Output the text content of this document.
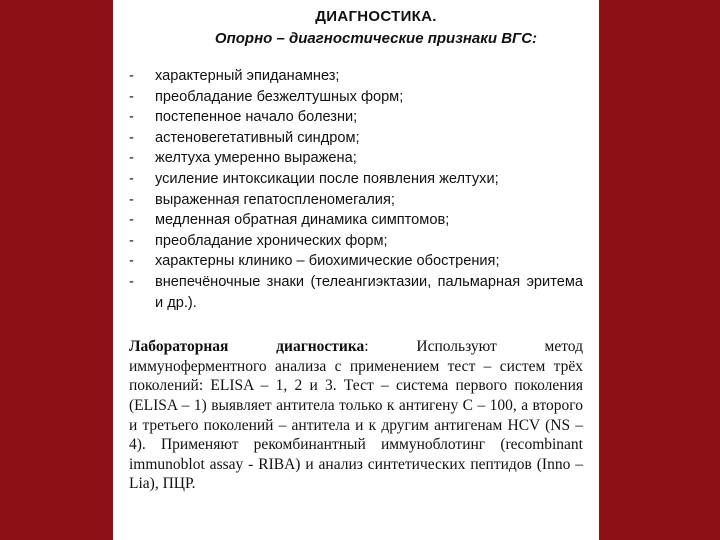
ДИАГНОСТИКА.
Опорно – диагностические признаки ВГС:
- характерный эпиданамнез;
- преобладание безжелтушных форм;
- постепенное начало болезни;
- астеновегетативный синдром;
- желтуха умеренно выражена;
- усиление интоксикации после появления желтухи;
- выраженная гепатоспленомегалия;
- медленная обратная динамика симптомов;
- преобладание хронических форм;
- характерны клинико – биохимические обострения;
- внепечёночные знаки (телеангиэктазии, пальмарная эритема и др.).

Лабораторная диагностика: Используют метод иммуноферментного анализа с применением тест – систем трёх поколений: ELISA – 1, 2 и 3. Тест – система первого поколения (ELISA – 1) выявляет антитела только к антигену С – 100, а второго и третьего поколений – антитела и к другим антигенам HCV (NS – 4). Применяют рекомбинантный иммуноблотинг (recombinant immunoblot assay - RIBA) и анализ синтетических пептидов (Inno – Lia), ПЦР.
